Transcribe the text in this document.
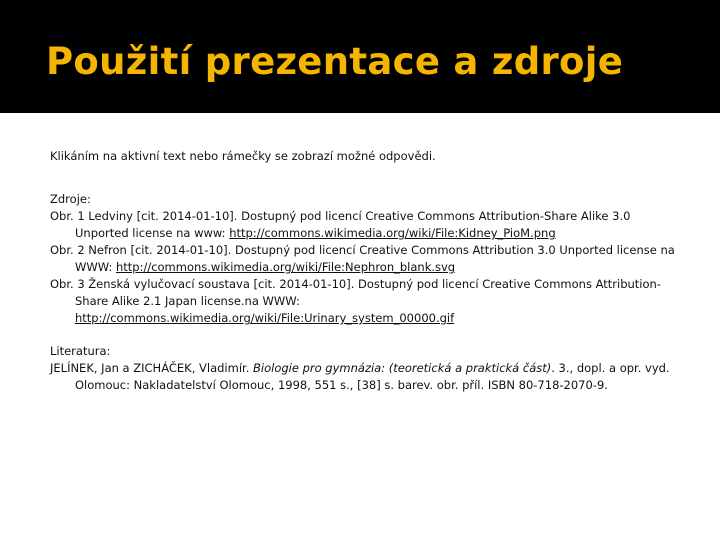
Použití prezentace a zdroje

Klikáním na aktivní text nebo rámečky se zobrazí možné odpovědi.

Zdroje:

Obr. 1 Ledviny [cit. 2014-01-10]. Dostupný pod licencí Creative Commons Attribution-Share Alike 3.0 Unported license na www: http://commons.wikimedia.org/wiki/File:Kidney_PioM.png

Obr. 2 Nefron [cit. 2014-01-10]. Dostupný pod licencí Creative Commons Attribution 3.0 Unported license na WWW: http://commons.wikimedia.org/wiki/File:Nephron_blank.svg

Obr. 3 Ženská vylučovací soustava [cit. 2014-01-10]. Dostupný pod licencí Creative Commons Attribution-Share Alike 2.1 Japan license.na WWW: http://commons.wikimedia.org/wiki/File:Urinary_system_00000.gif

Literatura:

JELÍNEK, Jan a ZICHÁČEK, Vladimír. Biologie pro gymnázia: (teoretická a praktická část). 3., dopl. a opr. vyd. Olomouc: Nakladatelství Olomouc, 1998, 551 s., [38] s. barev. obr. příl. ISBN 80-718-2070-9.
